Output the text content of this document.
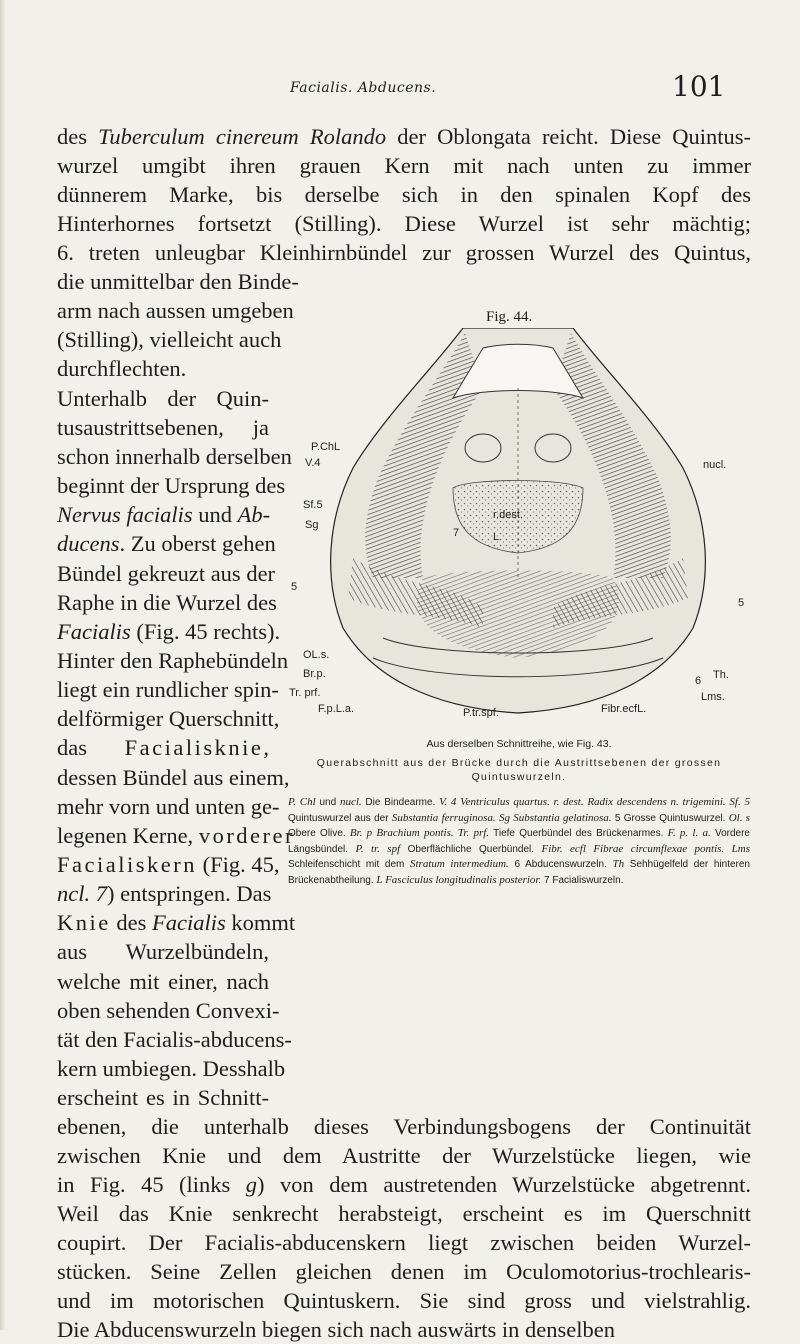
Facialis. Abducens.	101
des Tuberculum cinereum Rolando der Oblongata reicht. Diese Quintus-
wurzel umgibt ihren grauen Kern mit nach unten zu immer
dünnerem Marke, bis derselbe sich in den spinalen Kopf des
Hinterhornes fortsetzt (Stilling). Diese Wurzel ist sehr mächtig;
6. treten unleugbar Kleinhirnbündel zur grossen Wurzel des Quintus,
die unmittelbar den Binde-
arm nach aussen umgeben
(Stilling), vielleicht auch
durchflechten.
Unterhalb der Quin-
tusaustrittsebenen, ja
schon innerhalb derselben
beginnt der Ursprung des
Nervus facialis und Ab-
ducens. Zu oberst gehen
Bündel gekreuzt aus der
Raphe in die Wurzel des
Facialis (Fig. 45 rechts).
Hinter den Raphebündeln
liegt ein rundlicher spin-
delförmiger Querschnitt,
das Facialisknie,
dessen Bündel aus einem,
mehr vorn und unten ge-
legenen Kerne, vorderer
Facialiskern (Fig. 45,
ncl. 7) entspringen. Das
Knie des Facialis kommt
aus Wurzelbündeln,
welche mit einer, nach
oben sehenden Convexi-
tät den Facialis-abducens-
kern umbiegen. Desshalb
erscheint es in Schnitt-
ebenen, die unterhalb dieses Verbindungsbogens der Continuität
zwischen Knie und dem Austritte der Wurzelstücke liegen, wie
in Fig. 45 (links g) von dem austretenden Wurzelstücke abgetrennt.
Weil das Knie senkrecht herabsteigt, erscheint es im Querschnitt
coupirt. Der Facialis-abducenskern liegt zwischen beiden Wurzel-
stücken. Seine Zellen gleichen denen im Oculomotorius-trochlearis-
und im motorischen Quintuskern. Sie sind gross und vielstrahlig.
Die Abducenswurzeln biegen sich nach auswärts in denselben
Fig. 44.
P.ChL
V.4	nucl.
Sf.5
Sg
r.dest.
7	L
5
5
OL.s.
Br.p.
Tr. prf.
6 Th.
Lms.
F.p.L.a.	P.tr.spf.	Fibr.ecfL.
Aus derselben Schnittreihe, wie Fig. 43.
Querabschnitt aus der Brücke durch die Austrittsebenen der grossen Quintuswurzeln.
P. Chl und nucl. Die Bindearme. V. 4 Ventriculus quartus. r. dest. Radix descendens n. trigemini. Sf. 5 Quintuswurzel aus der Substantia ferruginosa. Sg Substantia gelatinosa. 5 Grosse Quintuswurzel. Ol. s Obere Olive. Br. p Brachium pontis. Tr. prf. Tiefe Querbündel des Brückenarmes. F. p. l. a. Vordere Längsbündel. P. tr. spf Oberflächliche Querbündel. Fibr. ecfl Fibrae circumflexae pontis. Lms Schleifenschicht mit dem Stratum intermedium. 6 Abducenswurzeln. Th Sehhügelfeld der hinteren Brückenabtheilung. L Fasciculus longitudinalis posterior. 7 Facialiswurzeln.
